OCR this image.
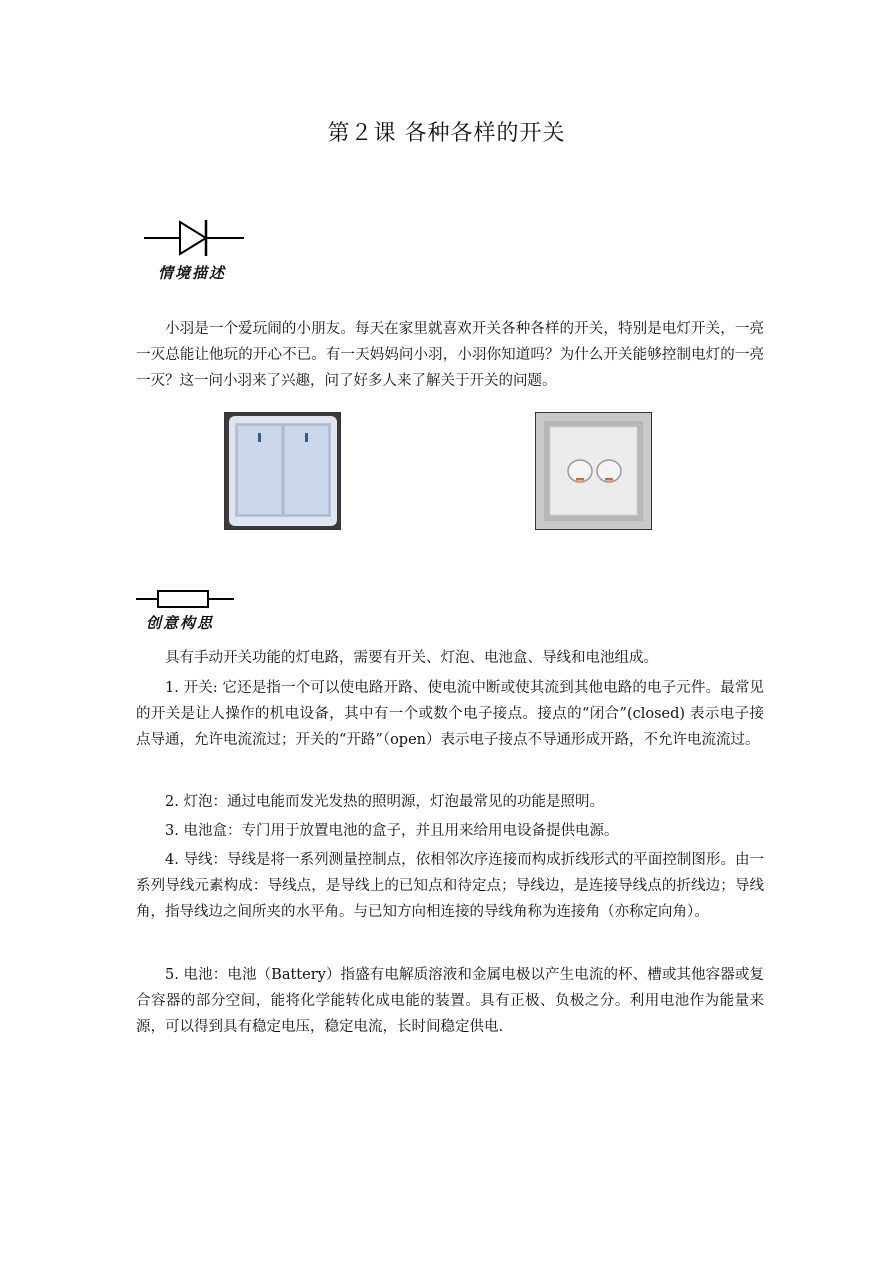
第２课 各种各样的开关
情境描述

小羽是一个爱玩闹的小朋友。每天在家里就喜欢开关各种各样的开关，特别是电灯开关，一亮一灭总能让他玩的开心不已。有一天妈妈问小羽，小羽你知道吗？为什么开关能够控制电灯的一亮一灭？这一问小羽来了兴趣，问了好多人来了解关于开关的问题。

创意构思

具有手动开关功能的灯电路，需要有开关、灯泡、电池盒、导线和电池组成。

1. 开关: 它还是指一个可以使电路开路、使电流中断或使其流到其他电路的电子元件。最常见的开关是让人操作的机电设备，其中有一个或数个电子接点。接点的“闭合”(closed) 表示电子接点导通，允许电流流过；开关的“开路”（open）表示电子接点不导通形成开路，不允许电流流过。

2. 灯泡：通过电能而发光发热的照明源，灯泡最常见的功能是照明。

3. 电池盒：专门用于放置电池的盒子，并且用来给用电设备提供电源。

4. 导线：导线是将一系列测量控制点，依相邻次序连接而构成折线形式的平面控制图形。由一系列导线元素构成：导线点，是导线上的已知点和待定点；导线边，是连接导线点的折线边；导线角，指导线边之间所夹的水平角。与已知方向相连接的导线角称为连接角（亦称定向角）。

5. 电池：电池（Battery）指盛有电解质溶液和金属电极以产生电流的杯、槽或其他容器或复合容器的部分空间，能将化学能转化成电能的装置。具有正极、负极之分。利用电池作为能量来源，可以得到具有稳定电压，稳定电流，长时间稳定供电.
